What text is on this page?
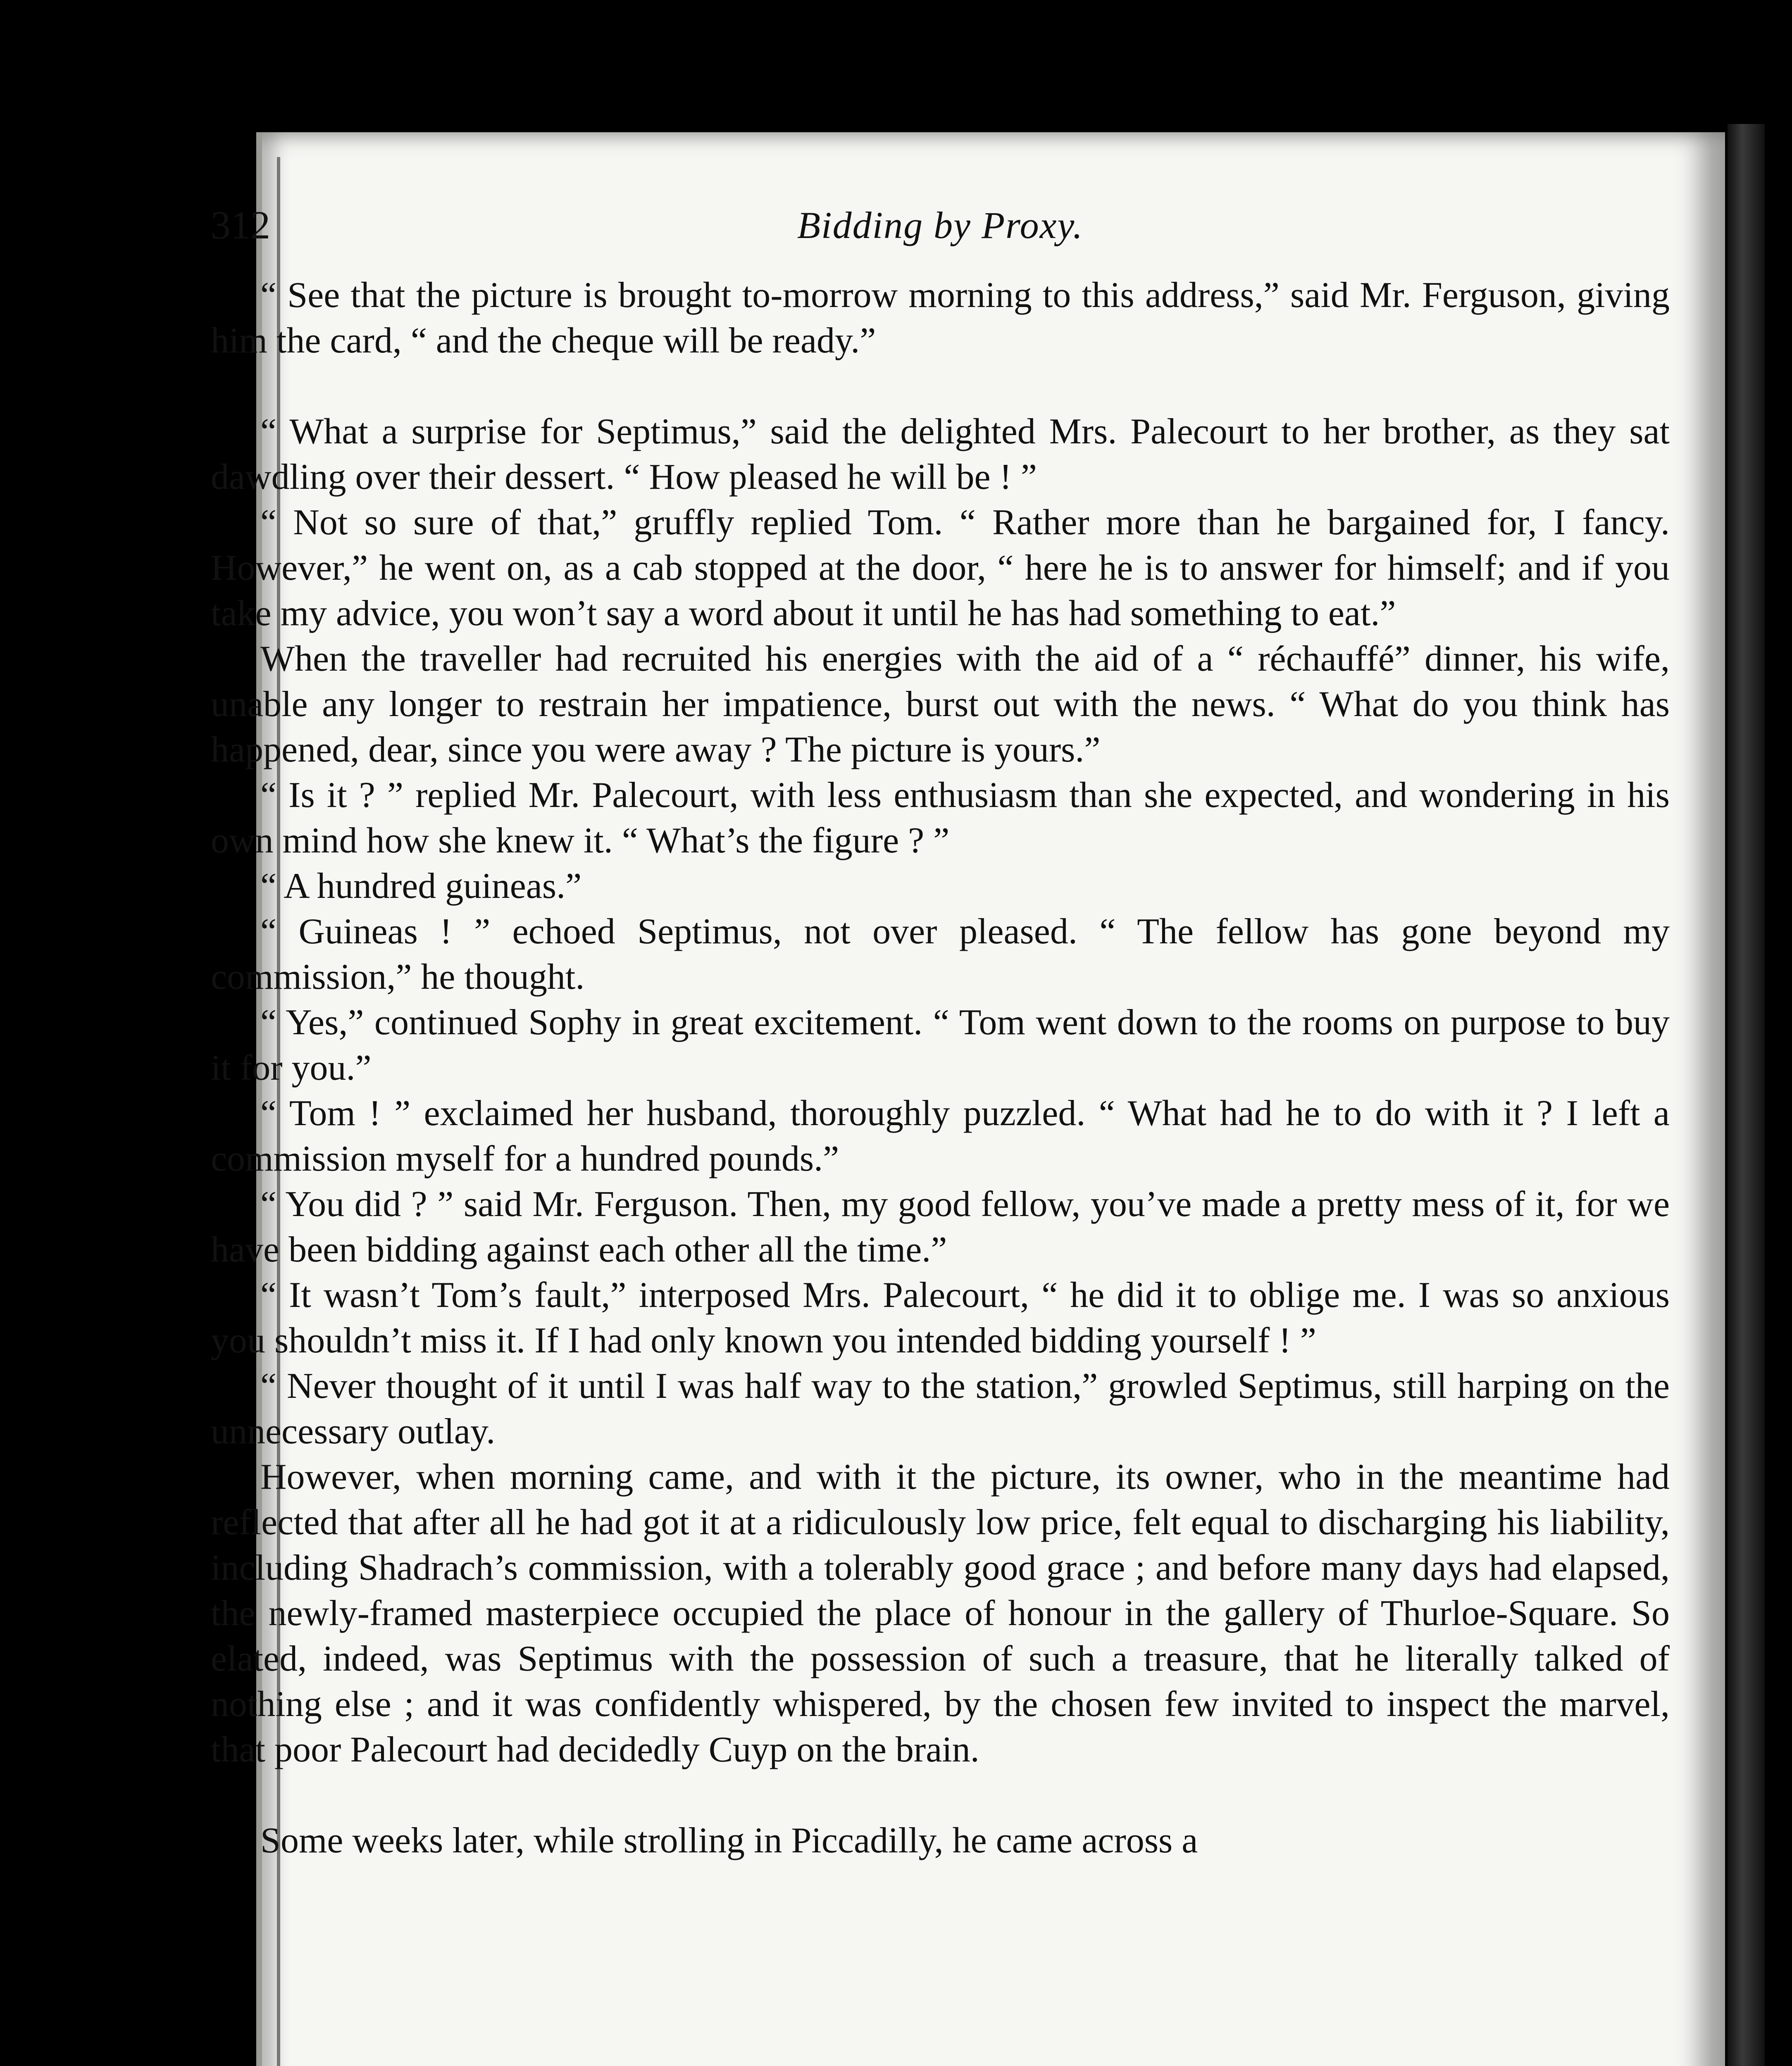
312	Bidding by Proxy.

“ See that the picture is brought to-morrow morning to this address,” said Mr. Ferguson, giving him the card, “ and the cheque will be ready.”

“ What a surprise for Septimus,” said the delighted Mrs. Palecourt to her brother, as they sat dawdling over their dessert. “ How pleased he will be ! ”

“ Not so sure of that,” gruffly replied Tom. “ Rather more than he bargained for, I fancy. However,” he went on, as a cab stopped at the door, “ here he is to answer for himself; and if you take my advice, you won’t say a word about it until he has had something to eat.”

When the traveller had recruited his energies with the aid of a “ réchauffé” dinner, his wife, unable any longer to restrain her impatience, burst out with the news. “ What do you think has happened, dear, since you were away ? The picture is yours.”

“ Is it ? ” replied Mr. Palecourt, with less enthusiasm than she expected, and wondering in his own mind how she knew it. “ What’s the figure ? ”

“ A hundred guineas.”

“ Guineas ! ” echoed Septimus, not over pleased. “ The fellow has gone beyond my commission,” he thought.

“ Yes,” continued Sophy in great excitement. “ Tom went down to the rooms on purpose to buy it for you.”

“ Tom ! ” exclaimed her husband, thoroughly puzzled. “ What had he to do with it ? I left a commission myself for a hundred pounds.”

“ You did ? ” said Mr. Ferguson. Then, my good fellow, you’ve made a pretty mess of it, for we have been bidding against each other all the time.”

“ It wasn’t Tom’s fault,” interposed Mrs. Palecourt, “ he did it to oblige me. I was so anxious you shouldn’t miss it. If I had only known you intended bidding yourself ! ”

“ Never thought of it until I was half way to the station,” growled Septimus, still harping on the unnecessary outlay.

However, when morning came, and with it the picture, its owner, who in the meantime had reflected that after all he had got it at a ridiculously low price, felt equal to discharging his liability, including Shadrach’s commission, with a tolerably good grace ; and before many days had elapsed, the newly-framed masterpiece occupied the place of honour in the gallery of Thurloe-Square. So elated, indeed, was Septimus with the possession of such a treasure, that he literally talked of nothing else ; and it was confidently whispered, by the chosen few invited to inspect the marvel, that poor Palecourt had decidedly Cuyp on the brain.

Some weeks later, while strolling in Piccadilly, he came across a
